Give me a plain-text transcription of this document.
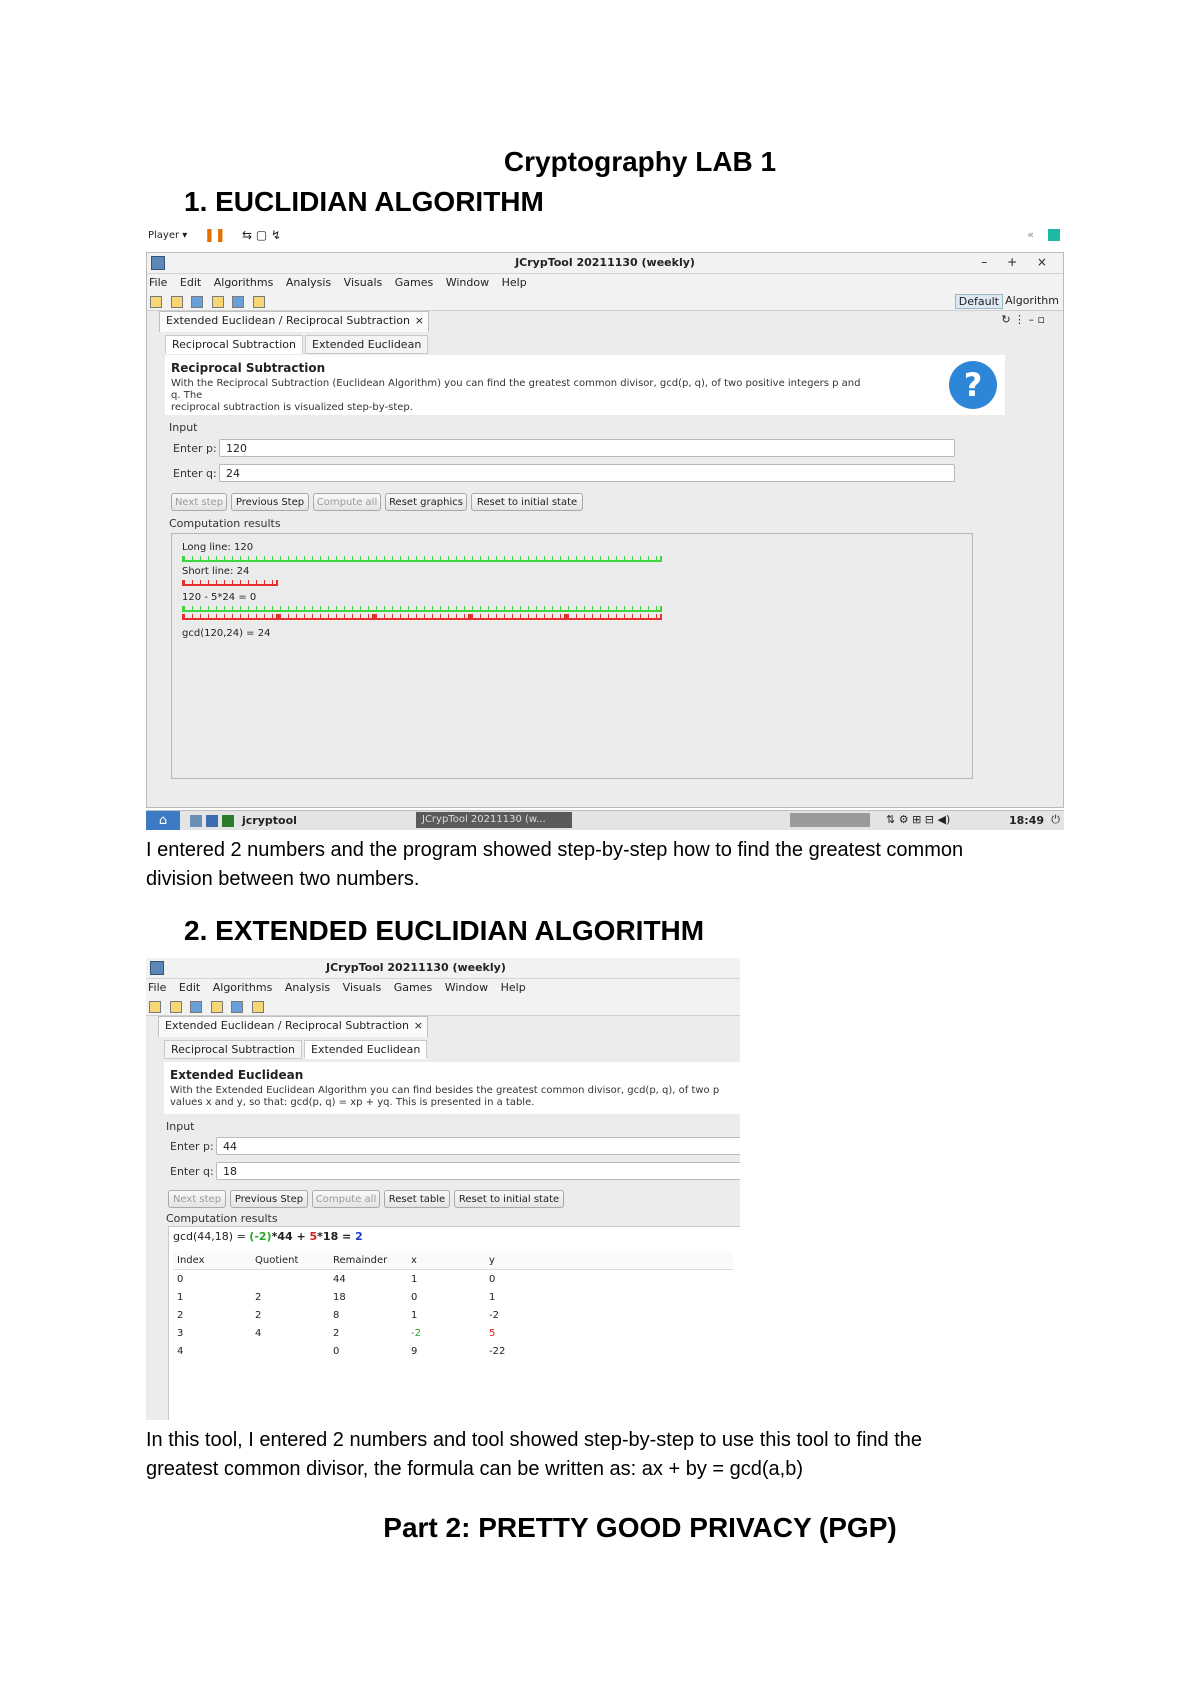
Cryptography LAB 1
1. EUCLIDIAN ALGORITHM
Player ▾ ❚❚ ⇆ ▢ ↯	«
JCrypTool 20211130 (weekly)	– + ×
File Edit Algorithms Analysis Visuals Games Window Help

Default Algorithm
Extended Euclidean / Reciprocal Subtraction ×	↻ ⋮ – ▫
Reciprocal Subtraction Extended Euclidean
Reciprocal Subtraction
With the Reciprocal Subtraction (Euclidean Algorithm) you can find the greatest common divisor, gcd(p, q), of two positive integers p and q. The
reciprocal subtraction is visualized step-by-step.
?
Input
Enter p: 120
Enter q: 24
Next step	Previous Step	Compute all	Reset graphics	Reset to initial state
Computation results
Long line: 120
Short line: 24
120 - 5*24 = 0
gcd(120,24) = 24
⌂	jcryptool	JCrypTool 20211130 (w...	⇅ ⚙ ⊞ ⊟ ◀)	18:49 ⏻
I entered 2 numbers and the program showed step-by-step how to find the greatest common
division between two numbers.
2. EXTENDED EUCLIDIAN ALGORITHM
JCrypTool 20211130 (weekly)
File Edit Algorithms Analysis Visuals Games Window Help

Extended Euclidean / Reciprocal Subtraction ×
Reciprocal Subtraction Extended Euclidean
Extended Euclidean
With the Extended Euclidean Algorithm you can find besides the greatest common divisor, gcd(p, q), of two p
values x and y, so that: gcd(p, q) = xp + yq. This is presented in a table.
Input
Enter p: 44
Enter q: 18
Next step	Previous Step	Compute all	Reset table	Reset to initial state
Computation results
gcd(44,18) = (-2)*44 + 5*18 = 2
Index	Quotient	Remainder	x	y
0		44	1	0
1	2	18	0	1
2	2	8	1	-2
3	4	2	-2	5
4		0	9	-22
In this tool, I entered 2 numbers and tool showed step-by-step to use this tool to find the
greatest common divisor, the formula can be written as: ax + by = gcd(a,b)
Part 2: PRETTY GOOD PRIVACY (PGP)
